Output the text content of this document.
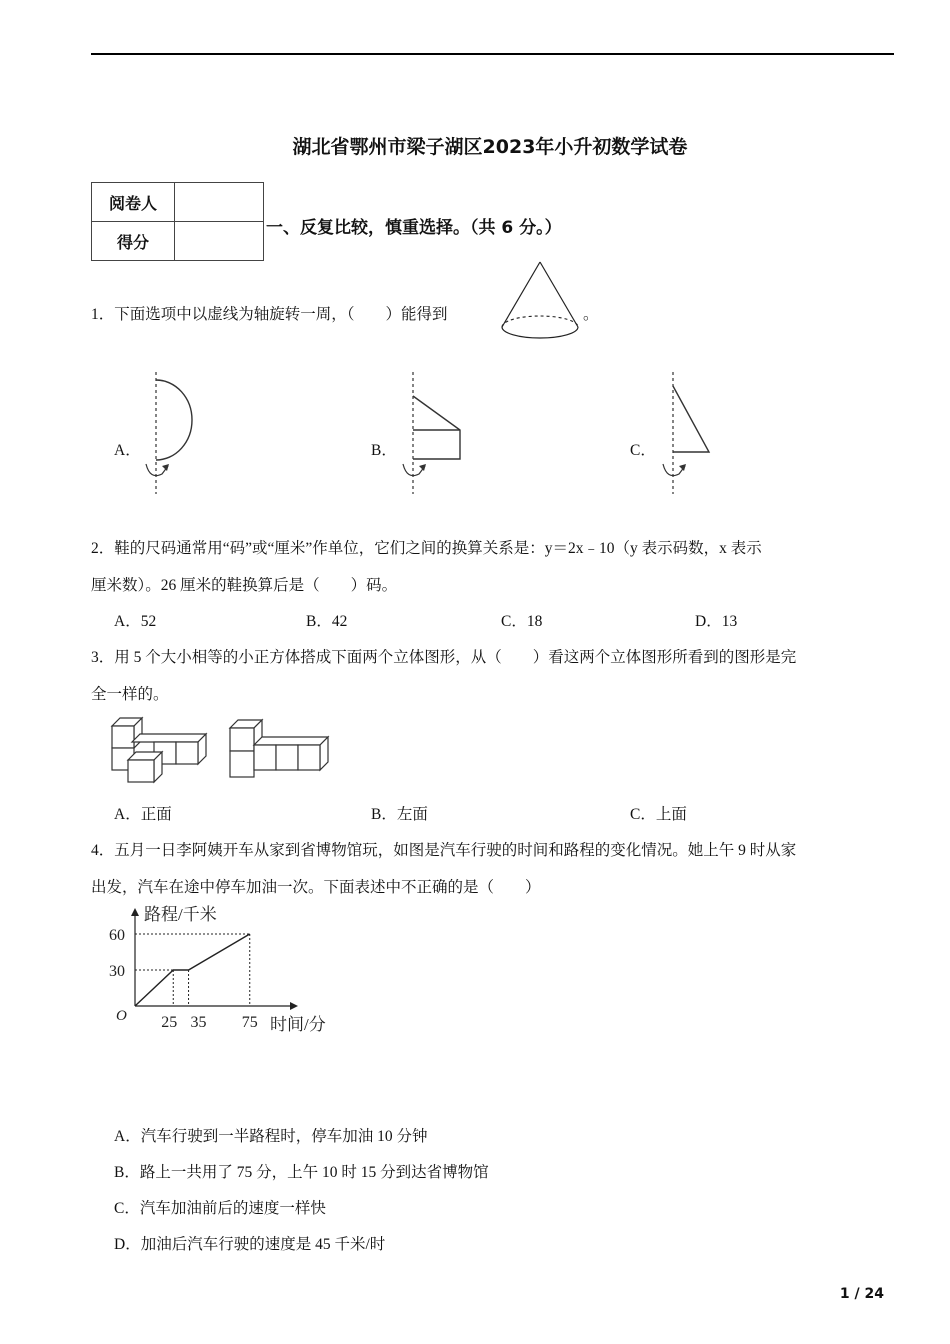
湖北省鄂州市梁子湖区2023年小升初数学试卷
阅卷人	
得分	
一、反复比较，慎重选择。（共 6 分。）
1．下面选项中以虚线为轴旋转一周，（　　）能得到	。
A．	B．	C．
2．鞋的尺码通常用“码”或“厘米”作单位，它们之间的换算关系是：y＝2x﹣10（y 表示码数，x 表示
厘米数）。26 厘米的鞋换算后是（　　）码。
A．52	B．42	C．18	D．13
3．用 5 个大小相等的小正方体搭成下面两个立体图形，从（　　）看这两个立体图形所看到的图形是完
全一样的。
A．正面	B．左面	C．上面
4．五月一日李阿姨开车从家到省博物馆玩，如图是汽车行驶的时间和路程的变化情况。她上午 9 时从家
出发，汽车在途中停车加油一次。下面表述中不正确的是（　　）
路程/千米
时间/分
O 25 35 75
60
30
A．汽车行驶到一半路程时，停车加油 10 分钟
B．路上一共用了 75 分，上午 10 时 15 分到达省博物馆
C．汽车加油前后的速度一样快
D．加油后汽车行驶的速度是 45 千米/时
1 / 24
